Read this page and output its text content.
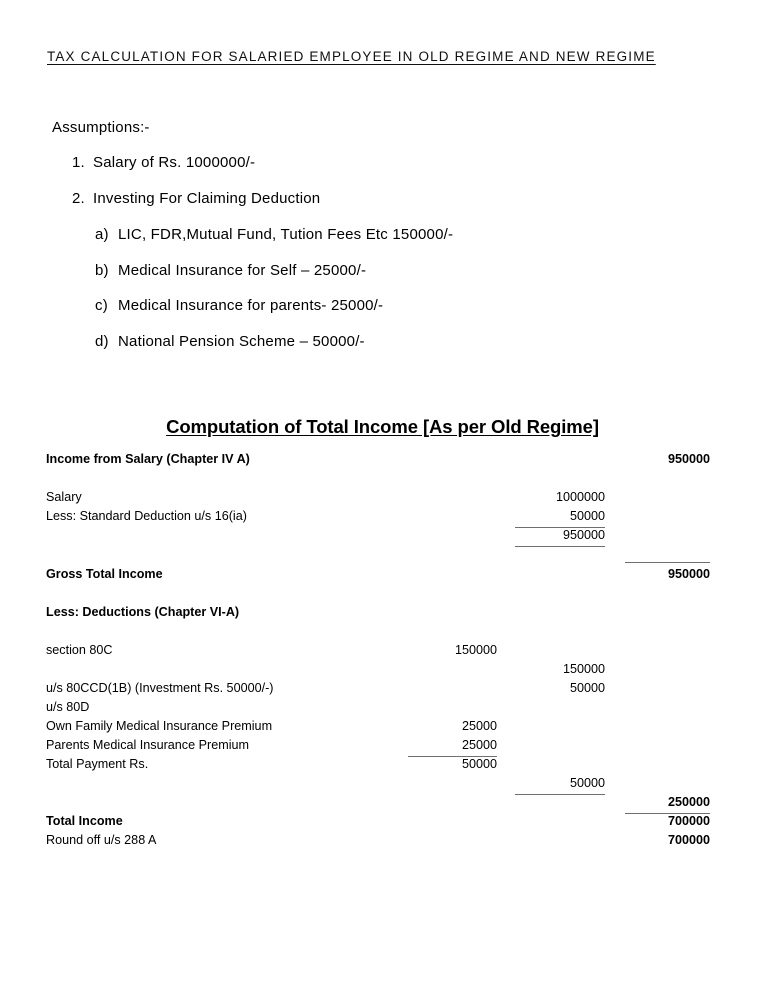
TAX CALCULATION FOR SALARIED EMPLOYEE IN OLD REGIME AND NEW REGIME
Assumptions:-
1. Salary of Rs. 1000000/-
2. Investing For Claiming Deduction
a) LIC, FDR,Mutual Fund, Tution Fees Etc 150000/-
b) Medical Insurance for Self – 25000/-
c) Medical Insurance for parents- 25000/-
d) National Pension Scheme – 50000/-
Computation of Total Income [As per Old Regime]
Income from Salary (Chapter IV A)	950000
Salary	1000000
Less: Standard Deduction u/s 16(ia)	50000
950000
Gross Total Income	950000
Less: Deductions (Chapter VI-A)
section 80C	150000
150000
u/s 80CCD(1B) (Investment Rs. 50000/-)	50000
u/s 80D
Own Family Medical Insurance Premium	25000
Parents Medical Insurance Premium	25000
Total Payment Rs.	50000
50000
250000
Total Income	700000
Round off u/s 288 A	700000
